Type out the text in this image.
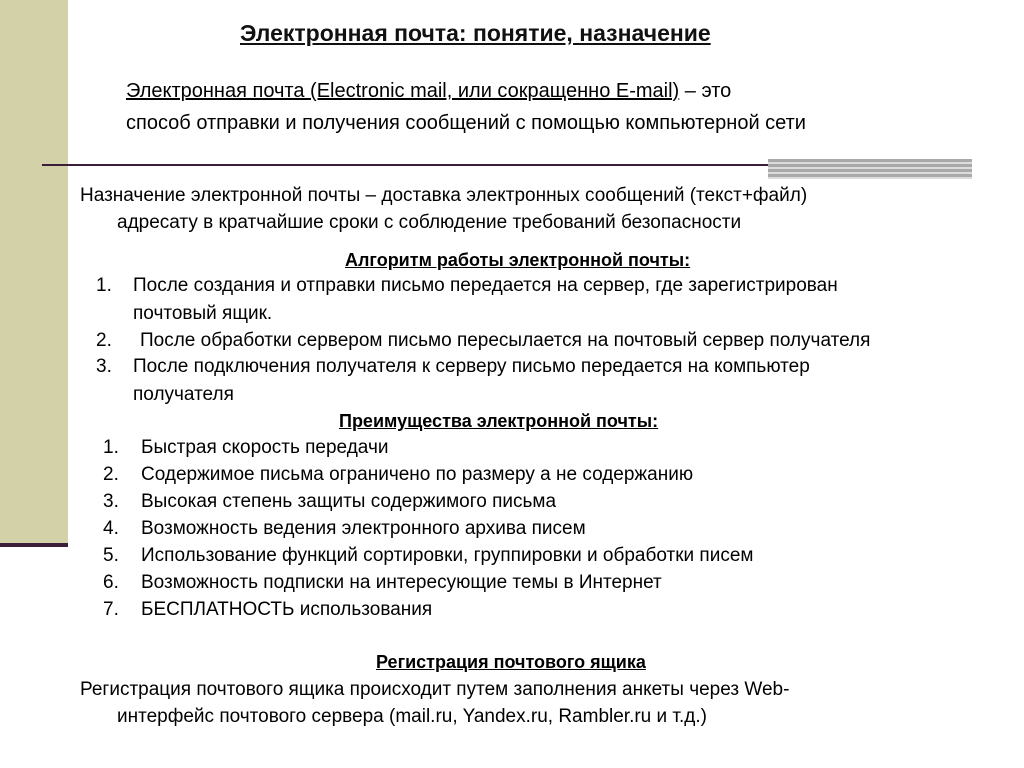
Электронная почта: понятие, назначение
Электронная почта (Electronic mail, или сокращенно E-mail) – это
способ отправки и получения сообщений с помощью компьютерной сети
Назначение электронной почты – доставка электронных сообщений (текст+файл)
адресату в кратчайшие сроки с соблюдение требований безопасности
Алгоритм работы электронной почты:
1. После создания и отправки письмо передается на сервер, где зарегистрирован
почтовый ящик.
2. После обработки сервером письмо пересылается на почтовый сервер получателя
3. После подключения получателя к серверу письмо передается на компьютер
получателя
Преимущества электронной почты:
1. Быстрая скорость передачи
2. Содержимое письма ограничено по размеру а не содержанию
3. Высокая степень защиты содержимого письма
4. Возможность ведения электронного архива писем
5. Использование функций сортировки, группировки и обработки писем
6. Возможность подписки на интересующие темы в Интернет
7. БЕСПЛАТНОСТЬ использования
Регистрация почтового ящика
Регистрация почтового ящика происходит путем заполнения анкеты через Web-
интерфейс почтового сервера (mail.ru, Yandex.ru, Rambler.ru и т.д.)
